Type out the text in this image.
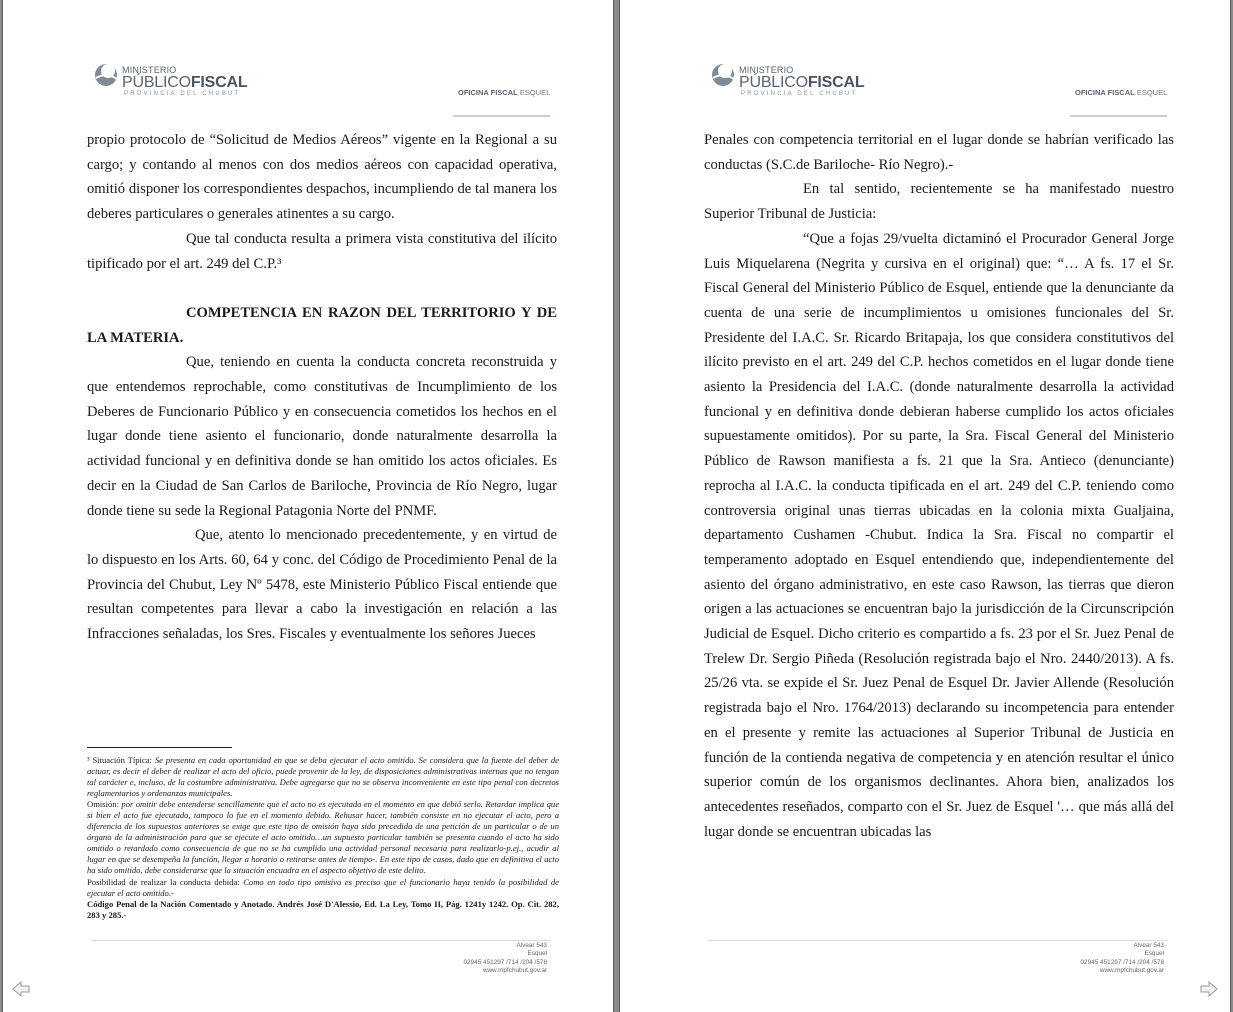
MINISTERIO
PÚBLICOFISCAL
PROVINCIA DEL CHUBUT	OFICINA FISCAL ESQUEL

propio protocolo de “Solicitud de Medios Aéreos” vigente en la Regional a su cargo; y contando al menos con dos medios aéreos con capacidad operativa, omitió disponer los correspondientes despachos, incumpliendo de tal manera los deberes particulares o generales atinentes a su cargo.

Que tal conducta resulta a primera vista constitutiva del ilícito tipificado por el art. 249 del C.P.³

COMPETENCIA EN RAZON DEL TERRITORIO Y DE LA MATERIA.

Que, teniendo en cuenta la conducta concreta reconstruida y que entendemos reprochable, como constitutivas de Incumplimiento de los Deberes de Funcionario Público y en consecuencia cometidos los hechos en el lugar donde tiene asiento el funcionario, donde naturalmente desarrolla la actividad funcional y en definitiva donde se han omitido los actos oficiales. Es decir en la Ciudad de San Carlos de Bariloche, Provincia de Río Negro, lugar donde tiene su sede la Regional Patagonia Norte del PNMF.

Que, atento lo mencionado precedentemente, y en virtud de lo dispuesto en los Arts. 60, 64 y conc. del Código de Procedimiento Penal de la Provincia del Chubut, Ley Nº 5478, este Ministerio Público Fiscal entiende que resultan competentes para llevar a cabo la investigación en relación a las Infracciones señaladas, los Sres. Fiscales y eventualmente los señores Jueces

³ Situación Típica: Se presenta en cada oportunidad en que se deba ejecutar el acto omitido. Se considera que la fuente del deber de actuar, es decir el deber de realizar el acto del oficio, puede provenir de la ley, de disposiciones administrativas internas que no tengan tal carácter e, incluso, de la costumbre administrativa. Debe agregarse que no se observa inconveniente en este tipo penal con decretos reglamentarios y ordenanzas municipales.

Omisión: por omitir debe entenderse sencillamente que el acto no es ejecutado en el momento en que debió serlo. Retardar implica que si bien el acto fue ejecutado, tampoco lo fue en el momento debido. Rehusar hacer, también consiste en no ejecutar el acto, pero a diferencia de los supuestos anteriores se exige que este tipo de omisión haya sido precedida de una petición de un particular o de un órgano de la administración para que se ejecute el acto omitido…un supuesto particular también se presenta cuando el acto ha sido omitido o retardado como consecuencia de que no se ha cumplido una actividad personal necesaria para realizarlo-p.ej., acudir al lugar en que se desempeña la función, llegar a horario o retirarse antes de tiempo-. En este tipo de casos, dado que en definitiva el acto ha sido omitido, debe considerarse que la situación encuadra en el aspecto objetivo de este delito.

Posibilidad de realizar la conducta debida: Como en todo tipo omisivo es preciso que el funcionario haya tenido la posibilidad de ejecutar el acto omitido.-

Código Penal de la Nación Comentado y Anotado. Andrés José D'Alessio, Ed. La Ley, Tomo II, Pág. 1241y 1242. Op. Cit. 282, 283 y 285.-

Alvear 543
Esquel
02945 451297 /714 /204 /578
www.mpfchubut.gov.ar
MINISTERIO
PÚBLICOFISCAL
PROVINCIA DEL CHUBUT	OFICINA FISCAL ESQUEL

Penales con competencia territorial en el lugar donde se habrían verificado las conductas (S.C.de Bariloche- Río Negro).-

En tal sentido, recientemente se ha manifestado nuestro Superior Tribunal de Justicia:

“Que a fojas 29/vuelta dictaminó el Procurador General Jorge Luis Miquelarena (Negrita y cursiva en el original) que: “… A fs. 17 el Sr. Fiscal General del Ministerio Público de Esquel, entiende que la denunciante da cuenta de una serie de incumplimientos u omisiones funcionales del Sr. Presidente del I.A.C. Sr. Ricardo Britapaja, los que considera constitutivos del ilícito previsto en el art. 249 del C.P. hechos cometidos en el lugar donde tiene asiento la Presidencia del I.A.C. (donde naturalmente desarrolla la actividad funcional y en definitiva donde debieran haberse cumplido los actos oficiales supuestamente omitidos). Por su parte, la Sra. Fiscal General del Ministerio Público de Rawson manifiesta a fs. 21 que la Sra. Antieco (denunciante) reprocha al I.A.C. la conducta tipificada en el art. 249 del C.P. teniendo como controversia original unas tierras ubicadas en la colonia mixta Gualjaina, departamento Cushamen -Chubut. Indica la Sra. Fiscal no compartir el temperamento adoptado en Esquel entendiendo que, independientemente del asiento del órgano administrativo, en este caso Rawson, las tierras que dieron origen a las actuaciones se encuentran bajo la jurisdicción de la Circunscripción Judicial de Esquel. Dicho criterio es compartido a fs. 23 por el Sr. Juez Penal de Trelew Dr. Sergio Piñeda (Resolución registrada bajo el Nro. 2440/2013). A fs. 25/26 vta. se expide el Sr. Juez Penal de Esquel Dr. Javier Allende (Resolución registrada bajo el Nro. 1764/2013) declarando su incompetencia para entender en el presente y remite las actuaciones al Superior Tribunal de Justicia en función de la contienda negativa de competencia y en atención resultar el único superior común de los organismos declinantes. Ahora bien, analizados los antecedentes reseñados, comparto con el Sr. Juez de Esquel '… que más allá del lugar donde se encuentran ubicadas las

Alvear 543
Esquel
02945 451297 /714 /204 /578
www.mpfchubut.gov.ar
